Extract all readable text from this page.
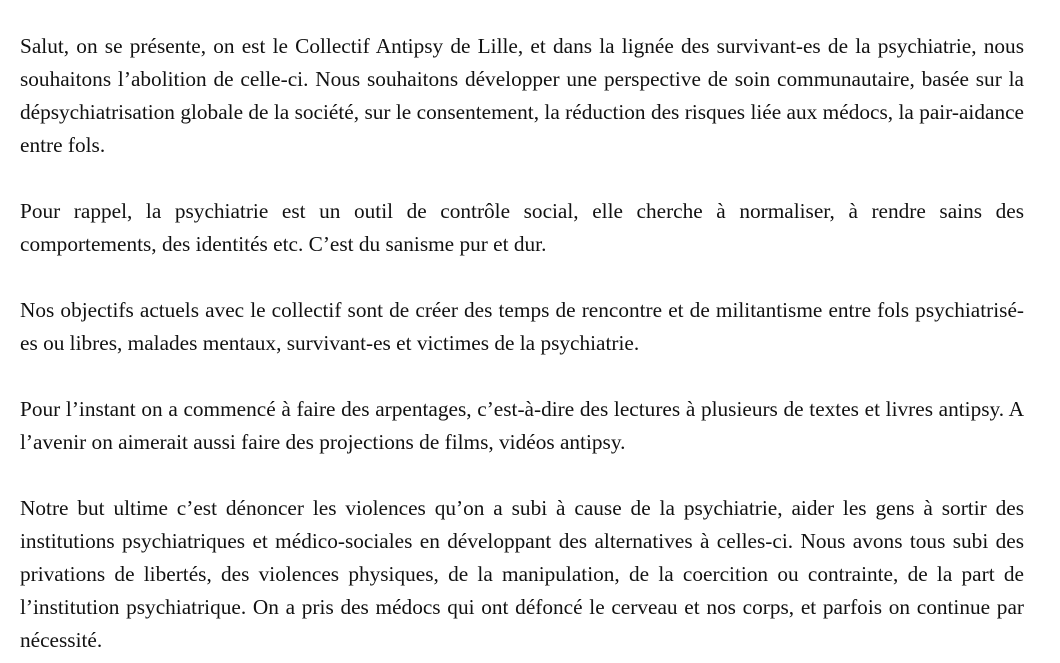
Salut, on se présente, on est le Collectif Antipsy de Lille, et dans la lignée des survivant-es de la psychiatrie, nous souhaitons l’abolition de celle-ci. Nous souhaitons développer une perspective de soin communautaire, basée sur la dépsychiatrisation globale de la société, sur le consentement, la réduction des risques liée aux médocs, la pair-aidance entre fols.

Pour rappel, la psychiatrie est un outil de contrôle social, elle cherche à normaliser, à rendre sains des comportements, des identités etc. C’est du sanisme pur et dur.

Nos objectifs actuels avec le collectif sont de créer des temps de rencontre et de militantisme entre fols psychiatrisé-es ou libres, malades mentaux, survivant-es et victimes de la psychiatrie.

Pour l’instant on a commencé à faire des arpentages, c’est-à-dire des lectures à plusieurs de textes et livres antipsy. A l’avenir on aimerait aussi faire des projections de films, vidéos antipsy.

Notre but ultime c’est dénoncer les violences qu’on a subi à cause de la psychiatrie, aider les gens à sortir des institutions psychiatriques et médico-sociales en développant des alternatives à celles-ci. Nous avons tous subi des privations de libertés, des violences physiques, de la manipulation, de la coercition ou contrainte, de la part de l’institution psychiatrique. On a pris des médocs qui ont défoncé le cerveau et nos corps, et parfois on continue par nécessité.
